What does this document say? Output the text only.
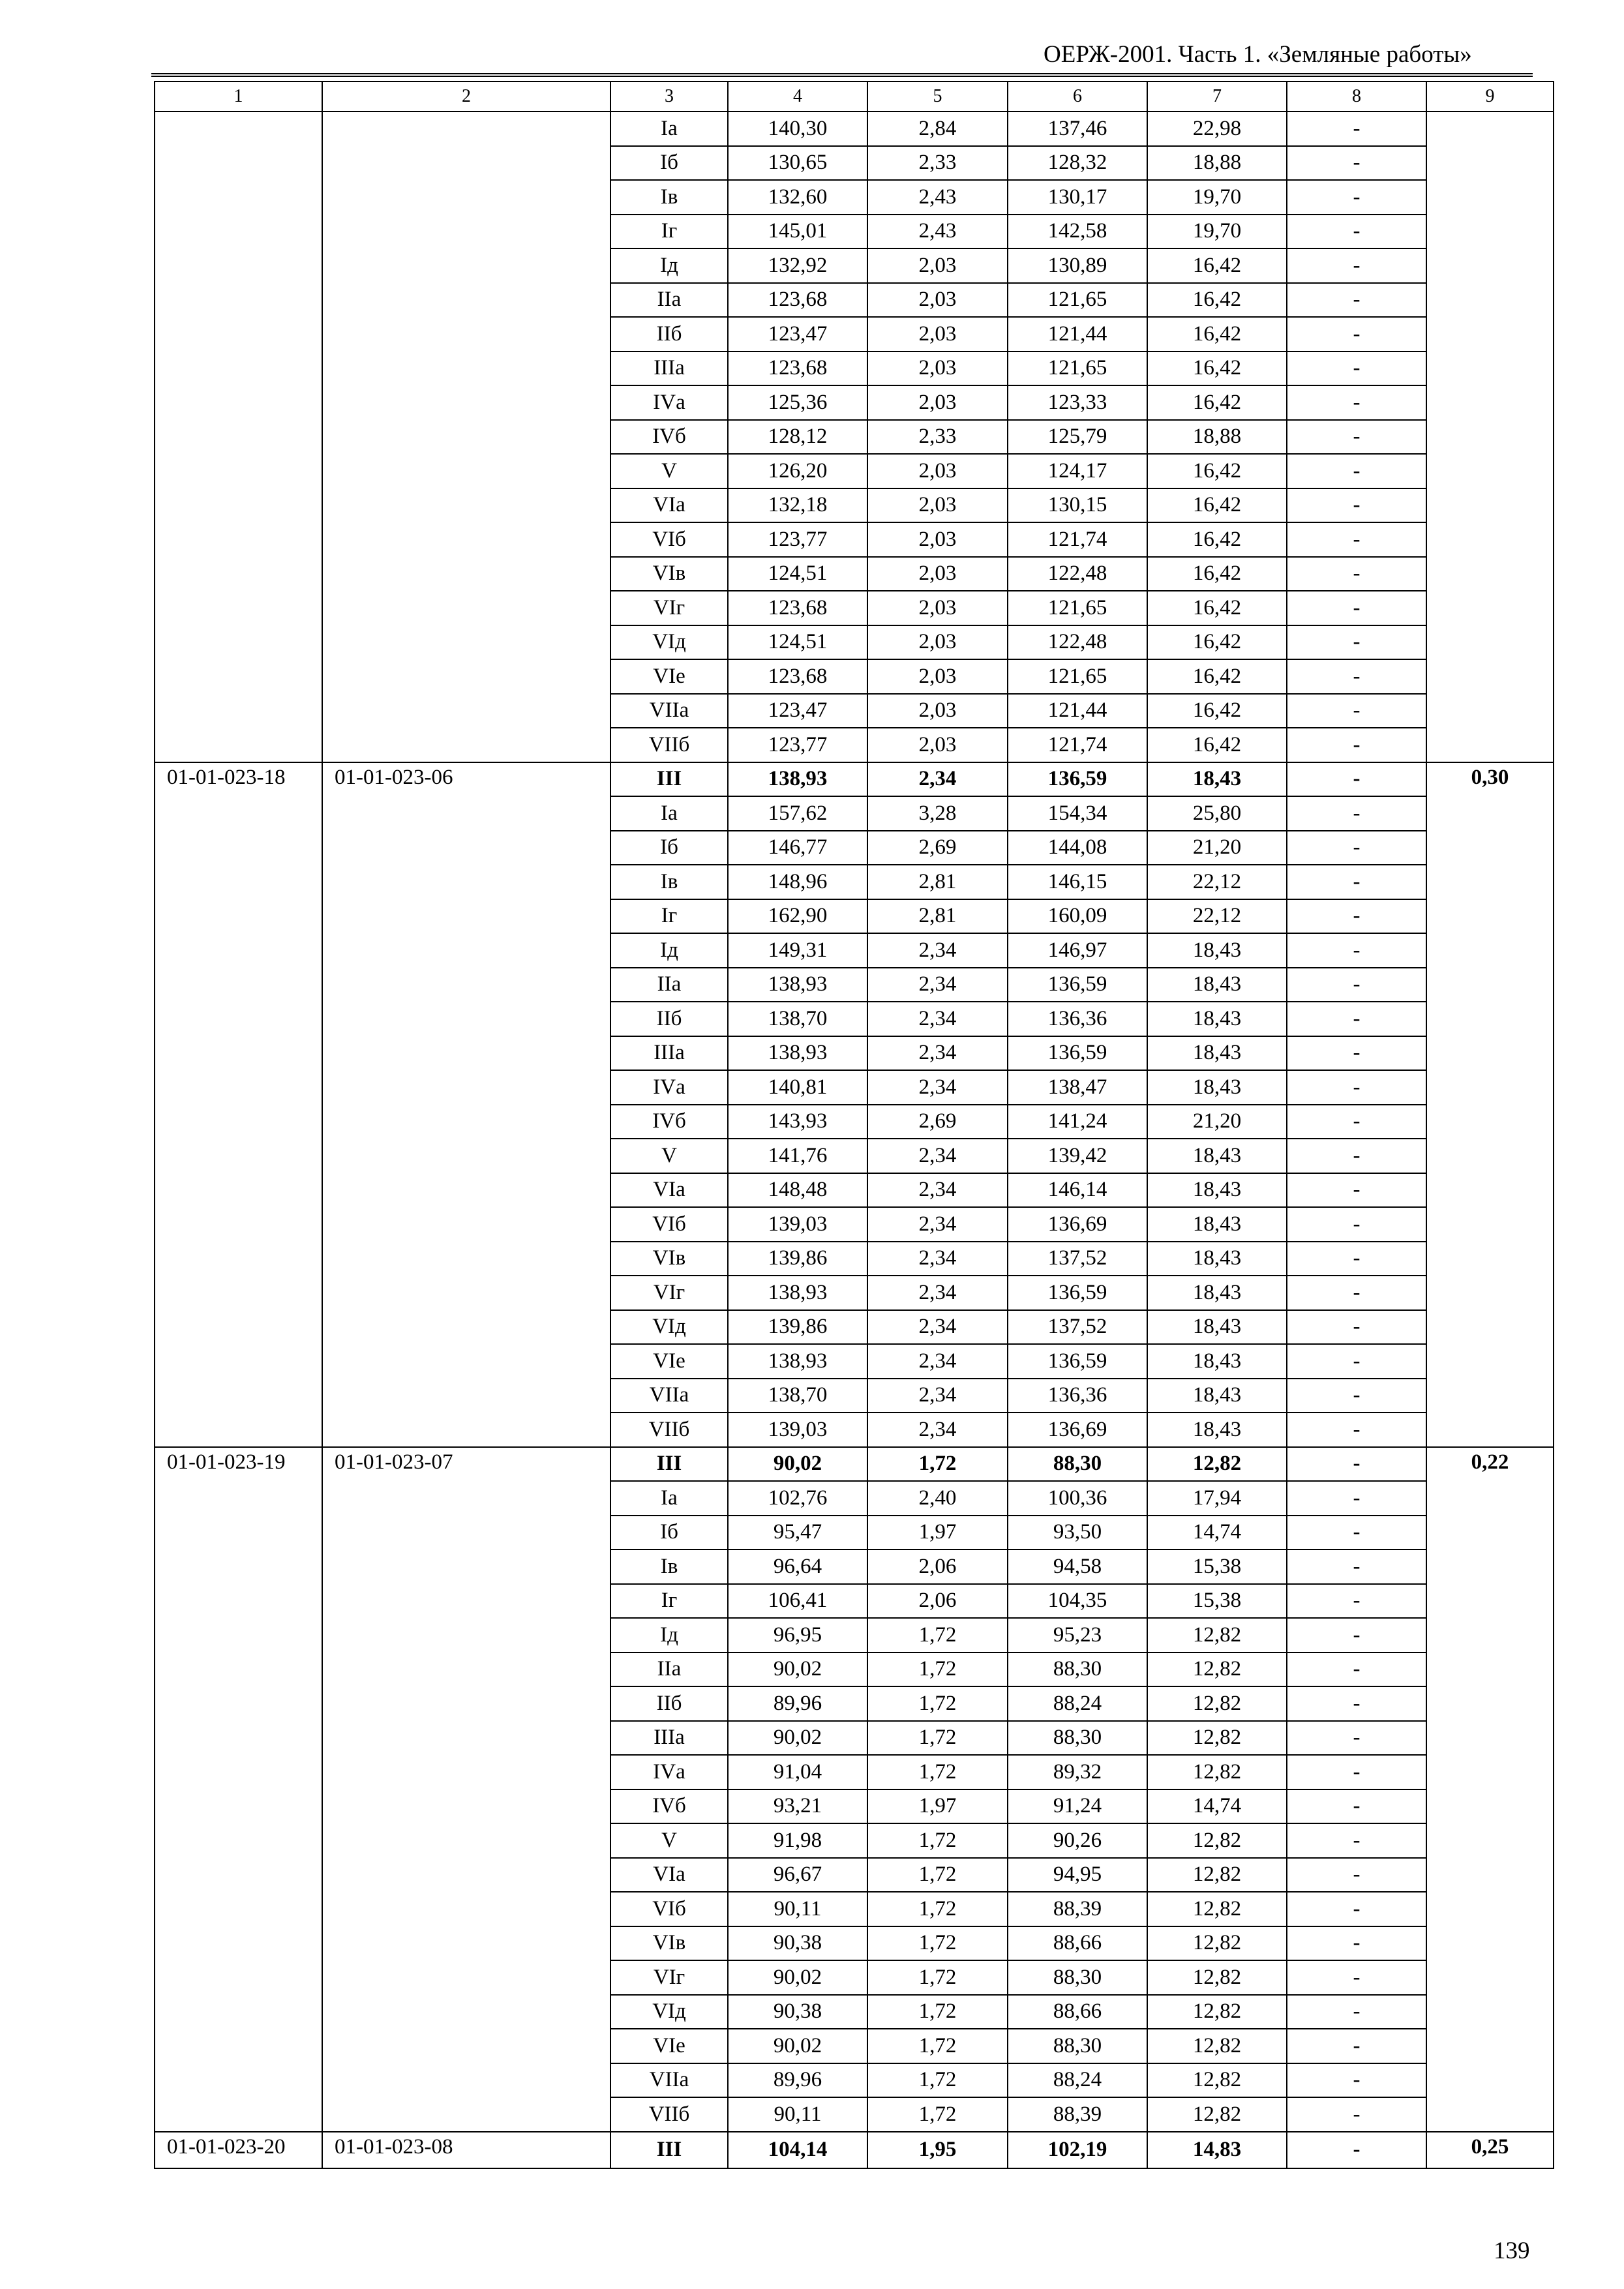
ОЕРЖ-2001. Часть 1. «Земляные работы»
1	2	3	4	5	6	7	8	9
		Iа	140,30	2,84	137,46	22,98	-	
		Iб	130,65	2,33	128,32	18,88	-	
		Iв	132,60	2,43	130,17	19,70	-	
		Iг	145,01	2,43	142,58	19,70	-	
		Iд	132,92	2,03	130,89	16,42	-	
		IIа	123,68	2,03	121,65	16,42	-	
		IIб	123,47	2,03	121,44	16,42	-	
		IIIа	123,68	2,03	121,65	16,42	-	
		IVа	125,36	2,03	123,33	16,42	-	
		IVб	128,12	2,33	125,79	18,88	-	
		V	126,20	2,03	124,17	16,42	-	
		VIа	132,18	2,03	130,15	16,42	-	
		VIб	123,77	2,03	121,74	16,42	-	
		VIв	124,51	2,03	122,48	16,42	-	
		VIг	123,68	2,03	121,65	16,42	-	
		VIд	124,51	2,03	122,48	16,42	-	
		VIе	123,68	2,03	121,65	16,42	-	
		VIIа	123,47	2,03	121,44	16,42	-	
		VIIб	123,77	2,03	121,74	16,42	-	
01-01-023-18	01-01-023-06	III	138,93	2,34	136,59	18,43	-	0,30
		Iа	157,62	3,28	154,34	25,80	-	
		Iб	146,77	2,69	144,08	21,20	-	
		Iв	148,96	2,81	146,15	22,12	-	
		Iг	162,90	2,81	160,09	22,12	-	
		Iд	149,31	2,34	146,97	18,43	-	
		IIа	138,93	2,34	136,59	18,43	-	
		IIб	138,70	2,34	136,36	18,43	-	
		IIIа	138,93	2,34	136,59	18,43	-	
		IVа	140,81	2,34	138,47	18,43	-	
		IVб	143,93	2,69	141,24	21,20	-	
		V	141,76	2,34	139,42	18,43	-	
		VIа	148,48	2,34	146,14	18,43	-	
		VIб	139,03	2,34	136,69	18,43	-	
		VIв	139,86	2,34	137,52	18,43	-	
		VIг	138,93	2,34	136,59	18,43	-	
		VIд	139,86	2,34	137,52	18,43	-	
		VIе	138,93	2,34	136,59	18,43	-	
		VIIа	138,70	2,34	136,36	18,43	-	
		VIIб	139,03	2,34	136,69	18,43	-	
01-01-023-19	01-01-023-07	III	90,02	1,72	88,30	12,82	-	0,22
		Iа	102,76	2,40	100,36	17,94	-	
		Iб	95,47	1,97	93,50	14,74	-	
		Iв	96,64	2,06	94,58	15,38	-	
		Iг	106,41	2,06	104,35	15,38	-	
		Iд	96,95	1,72	95,23	12,82	-	
		IIа	90,02	1,72	88,30	12,82	-	
		IIб	89,96	1,72	88,24	12,82	-	
		IIIа	90,02	1,72	88,30	12,82	-	
		IVа	91,04	1,72	89,32	12,82	-	
		IVб	93,21	1,97	91,24	14,74	-	
		V	91,98	1,72	90,26	12,82	-	
		VIа	96,67	1,72	94,95	12,82	-	
		VIб	90,11	1,72	88,39	12,82	-	
		VIв	90,38	1,72	88,66	12,82	-	
		VIг	90,02	1,72	88,30	12,82	-	
		VIд	90,38	1,72	88,66	12,82	-	
		VIе	90,02	1,72	88,30	12,82	-	
		VIIа	89,96	1,72	88,24	12,82	-	
		VIIб	90,11	1,72	88,39	12,82	-	
01-01-023-20	01-01-023-08	III	104,14	1,95	102,19	14,83	-	0,25
139
